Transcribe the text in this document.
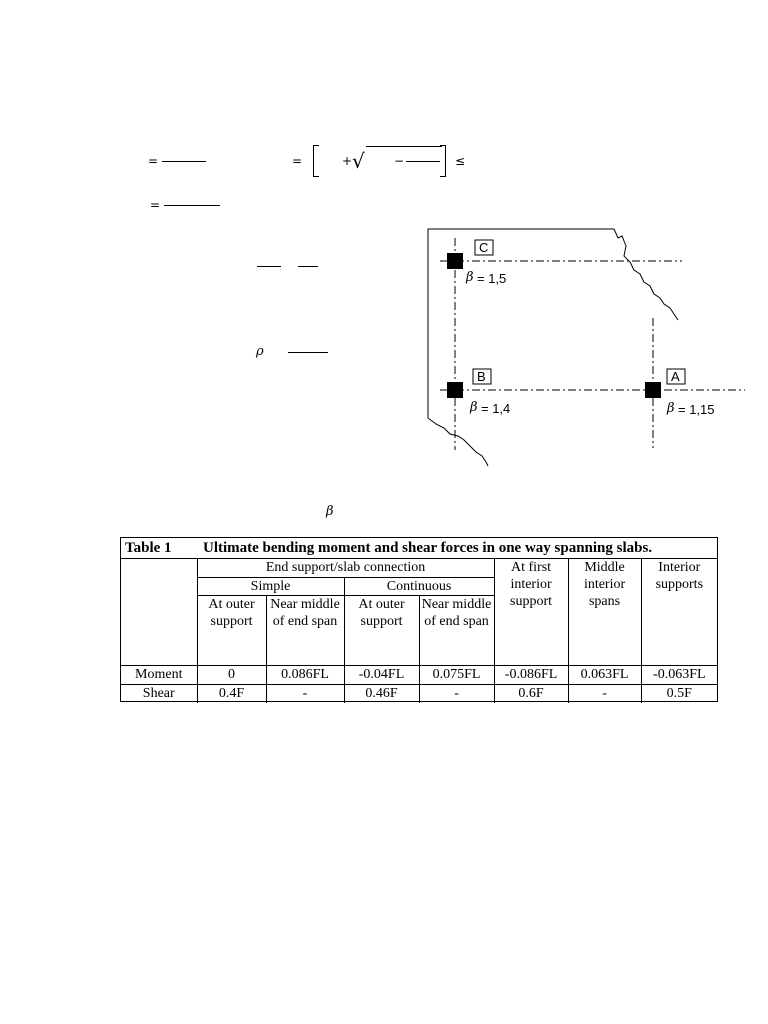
=	=	+ √ −	≤
=
ρ
β
C
B	A
β = 1,5
β = 1,4	β = 1,15
Table 1 Ultimate bending moment and shear forces in one way spanning slabs.
	End support/slab connection				At first interior support	Middle interior spans	Interior supports
	Simple		Continuous				
	At outer support	Near middle of end span	At outer support	Near middle of end span			
Moment	0	0.086FL	-0.04FL	0.075FL	-0.086FL	0.063FL	-0.063FL
Shear	0.4F	-	0.46F	-	0.6F	-	0.5F
